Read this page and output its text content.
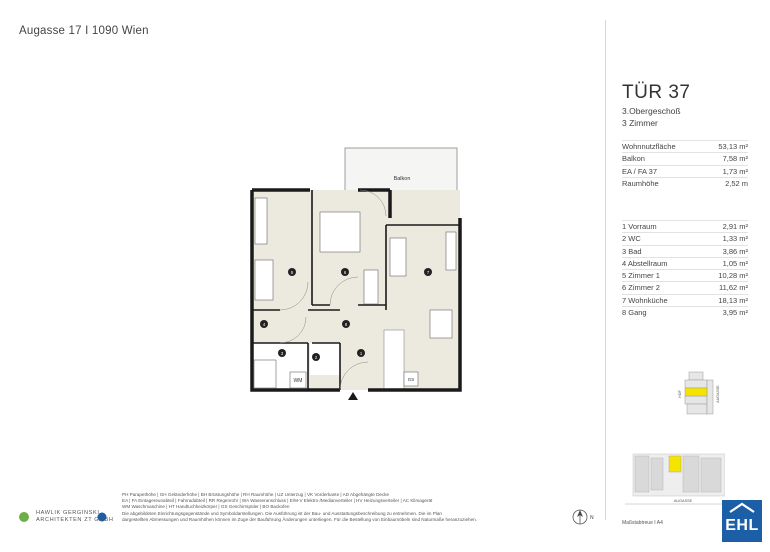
Augasse 17 I 1090 Wien
TÜR 37
3.Obergeschoß
3 Zimmer
Wohnnutzfläche	53,13 m²
Balkon	7,58 m²
EA / FA 37	1,73 m²
Raumhöhe	2,52 m
1 Vorraum	2,91 m²
2 WC	1,33 m²
3 Bad	3,86 m²
4 Abstellraum	1,05 m²
5 Zimmer 1	10,28 m²
6 Zimmer 2	11,62 m²
7 Wohnküche	18,13 m²
8 Gang	3,95 m²
Balkon
WM	GS
5	6	7
4	8
3
2
1
AUGASSE
HOF
AUGASSE
N
PH Parapethöhe | GH Geländerhöhe | BH Brüstungshöhe | RH Raumhöhe | UZ Unterzug | VK Vorderkante | AD Abgehängte Decke
EA | FA Eintagereunabteil | Fahrradabteil | RR Regenrohr | WA Wasseranschluss | E/M-V Elektro-/Medianverteiler | HV Heizungsverteiler | AC Klimagerät
WM Waschmaschine | HT Handtuchheizkörper | GS Geschirrspüler | BO Backofen
Die abgebildeten Einrichtungsgegenstände und Symboldarstellungen. Die Ausführung ist der Bau- und Ausstattungsbeschreibung zu entnehmen. Die im Plan
dargestellten Abmessungen und Raumhöhen können im Zuge der Bauführung Änderungen unterliegen. Für die Bestellung von Einbaumöbeln sind Naturmaße heranzuziehen.
HAWLIK GERGINSKI
ARCHITEKTEN ZT GMBH
Maßstabtreue I A4	EHL
